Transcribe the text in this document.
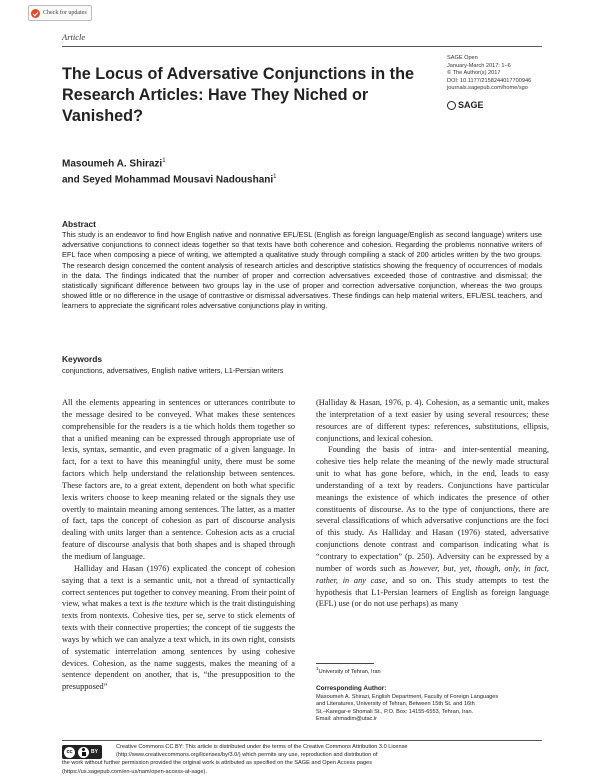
Check for updates
Article
The Locus of Adversative Conjunctions in the Research Articles: Have They Niched or Vanished?
SAGE Open
January-March 2017: 1–6
© The Author(s) 2017
DOI: 10.1177/2158244017700946
journals.sagepub.com/home/sgo
SAGE
Masoumeh A. Shirazi$^1$
and Seyed Mohammad Mousavi Nadoushani$^1$
Abstract

This study is an endeavor to find how English native and nonnative EFL/ESL (English as foreign language/English as second language) writers use adversative conjunctions to connect ideas together so that texts have both coherence and cohesion. Regarding the problems nonnative writers of EFL face when composing a piece of writing, we attempted a qualitative study through compiling a stack of 200 articles written by the two groups. The research design concerned the content analysis of research articles and descriptive statistics showing the frequency of occurrences of modals in the data. The findings indicated that the number of proper and correction adversatives exceeded those of contrastive and dismissal; the statistically significant difference between two groups lay in the use of proper and correction adversative conjunction, whereas the two groups showed little or no difference in the usage of contrastive or dismissal adversatives. These findings can help material writers, EFL/ESL teachers, and learners to appreciate the significant roles adversative conjunctions play in writing.

Keywords
conjunctions, adversatives, English native writers, L1-Persian writers

All the elements appearing in sentences or utterances contribute to the message desired to be conveyed. What makes these sentences comprehensible for the readers is a tie which holds them together so that a unified meaning can be expressed through appropriate use of lexis, syntax, semantic, and even pragmatic of a given language. In fact, for a text to have this meaningful unity, there must be some factors which help understand the relationship between sentences. These factors are, to a great extent, dependent on both what specific lexis writers choose to keep meaning related or the signals they use overtly to maintain meaning among sentences. The latter, as a matter of fact, taps the concept of cohesion as part of discourse analysis dealing with units larger than a sentence. Cohesion acts as a crucial feature of discourse analysis that both shapes and is shaped through the medium of language.

Halliday and Hasan (1976) explicated the concept of cohesion saying that a text is a semantic unit, not a thread of syntactically correct sentences put together to convey meaning. From their point of view, what makes a text is the texture which is the trait distinguishing texts from nontexts. Cohesive ties, per se, serve to stick elements of texts with their connective properties; the concept of tie suggests the ways by which we can analyze a text which, in its own right, consists of systematic interrelation among sentences by using cohesive devices. Cohesion, as the name suggests, makes the meaning of a sentence dependent on another, that is, “the presupposition to the presupposed”

(Halliday & Hasan, 1976, p. 4). Cohesion, as a semantic unit, makes the interpretation of a text easier by using several resources; these resources are of different types: references, substitutions, ellipsis, conjunctions, and lexical cohesion.

Founding the basis of intra- and inter-sentential meaning, cohesive ties help relate the meaning of the newly made structural unit to what has gone before, which, in the end, leads to easy understanding of a text by readers. Conjunctions have particular meanings the existence of which indicates the presence of other constituents of discourse. As to the type of conjunctions, there are several classifications of which adversative conjunctions are the foci of this study. As Halliday and Hasan (1976) stated, adversative conjunctions denote contrast and comparison indicating what is “contrary to expectation” (p. 250). Adversity can be expressed by a number of words such as however, but, yet, though, only, in fact, rather, in any case, and so on. This study attempts to test the hypothesis that L1-Persian learners of English as foreign language (EFL) use (or do not use perhaps) as many

$^1$University of Tehran, Iran
Corresponding Author:
Masoumeh A. Shirazi, English Department, Faculty of Foreign Languages
and Literatures, University of Tehran, Between 15th St. and 16th
St.–Karegar-e Shomali St., P.O. Box: 14155-6553, Tehran, Iran.
Email: ahmadim@utac.ir
Creative Commons CC BY: This article is distributed under the terms of the Creative Commons Attribution 3.0 License
(http://www.creativecommons.org/licenses/by/3.0/) which permits any use, reproduction and distribution of
the work without further permission provided the original work is attributed as specified on the SAGE and Open Access pages
(https://us.sagepub.com/en-us/nam/open-access-at-sage).
cc	BY
